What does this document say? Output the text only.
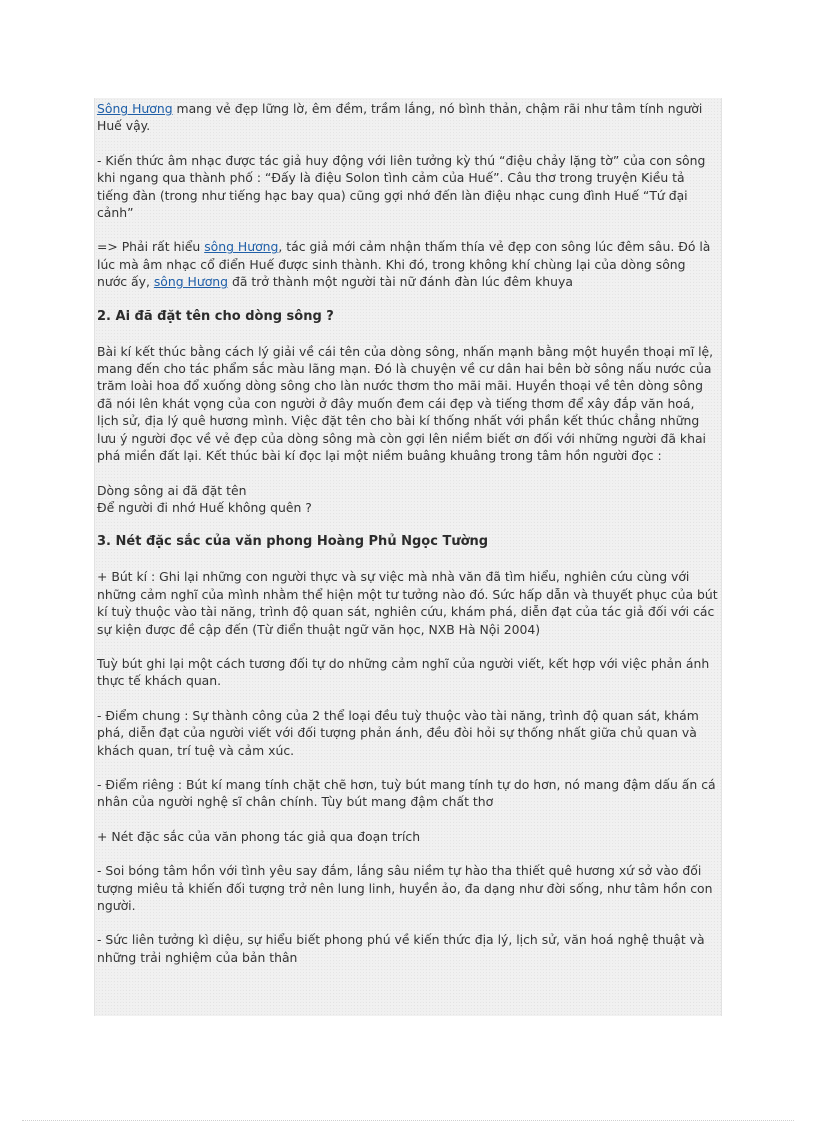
Sông Hương mang vẻ đẹp lững lờ, êm đềm, trầm lắng, nó bình thản, chậm rãi như tâm tính người Huế vậy.

- Kiến thức âm nhạc được tác giả huy động với liên tưởng kỳ thú “điệu chảy lặng tờ” của con sông khi ngang qua thành phố : “Đấy là điệu Solon tình cảm của Huế”. Câu thơ trong truyện Kiều tả tiếng đàn (trong như tiếng hạc bay qua) cũng gợi nhớ đến làn điệu nhạc cung đình Huế “Tứ đại cảnh”

=> Phải rất hiểu sông Hương, tác giả mới cảm nhận thấm thía vẻ đẹp con sông lúc đêm sâu. Đó là lúc mà âm nhạc cổ điển Huế được sinh thành. Khi đó, trong không khí chùng lại của dòng sông nước ấy, sông Hương đã trở thành một người tài nữ đánh đàn lúc đêm khuya

2. Ai đã đặt tên cho dòng sông ?

Bài kí kết thúc bằng cách lý giải về cái tên của dòng sông, nhấn mạnh bằng một huyền thoại mĩ lệ, mang đến cho tác phẩm sắc màu lãng mạn. Đó là chuyện về cư dân hai bên bờ sông nấu nước của trăm loài hoa đổ xuống dòng sông cho làn nước thơm tho mãi mãi. Huyền thoại về tên dòng sông đã nói lên khát vọng của con người ở đây muốn đem cái đẹp và tiếng thơm để xây đắp văn hoá, lịch sử, địa lý quê hương mình. Việc đặt tên cho bài kí thống nhất với phần kết thúc chẳng những lưu ý người đọc về vẻ đẹp của dòng sông mà còn gợi lên niềm biết ơn đối với những người đã khai phá miền đất lại. Kết thúc bài kí đọc lại một niềm buâng khuâng trong tâm hồn người đọc :

Dòng sông ai đã đặt tên
Để người đi nhớ Huế không quên ?

3. Nét đặc sắc của văn phong Hoàng Phủ Ngọc Tường

+ Bút kí : Ghi lại những con người thực và sự việc mà nhà văn đã tìm hiểu, nghiên cứu cùng với những cảm nghĩ của mình nhằm thể hiện một tư tưởng nào đó. Sức hấp dẫn và thuyết phục của bút kí tuỳ thuộc vào tài năng, trình độ quan sát, nghiên cứu, khám phá, diễn đạt của tác giả đối với các sự kiện được đề cập đến (Từ điển thuật ngữ văn học, NXB Hà Nội 2004)

Tuỳ bút ghi lại một cách tương đối tự do những cảm nghĩ của người viết, kết hợp với việc phản ánh thực tế khách quan.

- Điểm chung : Sự thành công của 2 thể loại đều tuỳ thuộc vào tài năng, trình độ quan sát, khám phá, diễn đạt của người viết với đối tượng phản ánh, đều đòi hỏi sự thống nhất giữa chủ quan và khách quan, trí tuệ và cảm xúc.

- Điểm riêng : Bút kí mang tính chặt chẽ hơn, tuỳ bút mang tính tự do hơn, nó mang đậm dấu ấn cá nhân của người nghệ sĩ chân chính. Tùy bút mang đậm chất thơ

+ Nét đặc sắc của văn phong tác giả qua đoạn trích

- Soi bóng tâm hồn với tình yêu say đắm, lắng sâu niềm tự hào tha thiết quê hương xứ sở vào đối tượng miêu tả khiến đối tượng trở nên lung linh, huyền ảo, đa dạng như đời sống, như tâm hồn con người.

- Sức liên tưởng kì diệu, sự hiểu biết phong phú về kiến thức địa lý, lịch sử, văn hoá nghệ thuật và những trải nghiệm của bản thân
